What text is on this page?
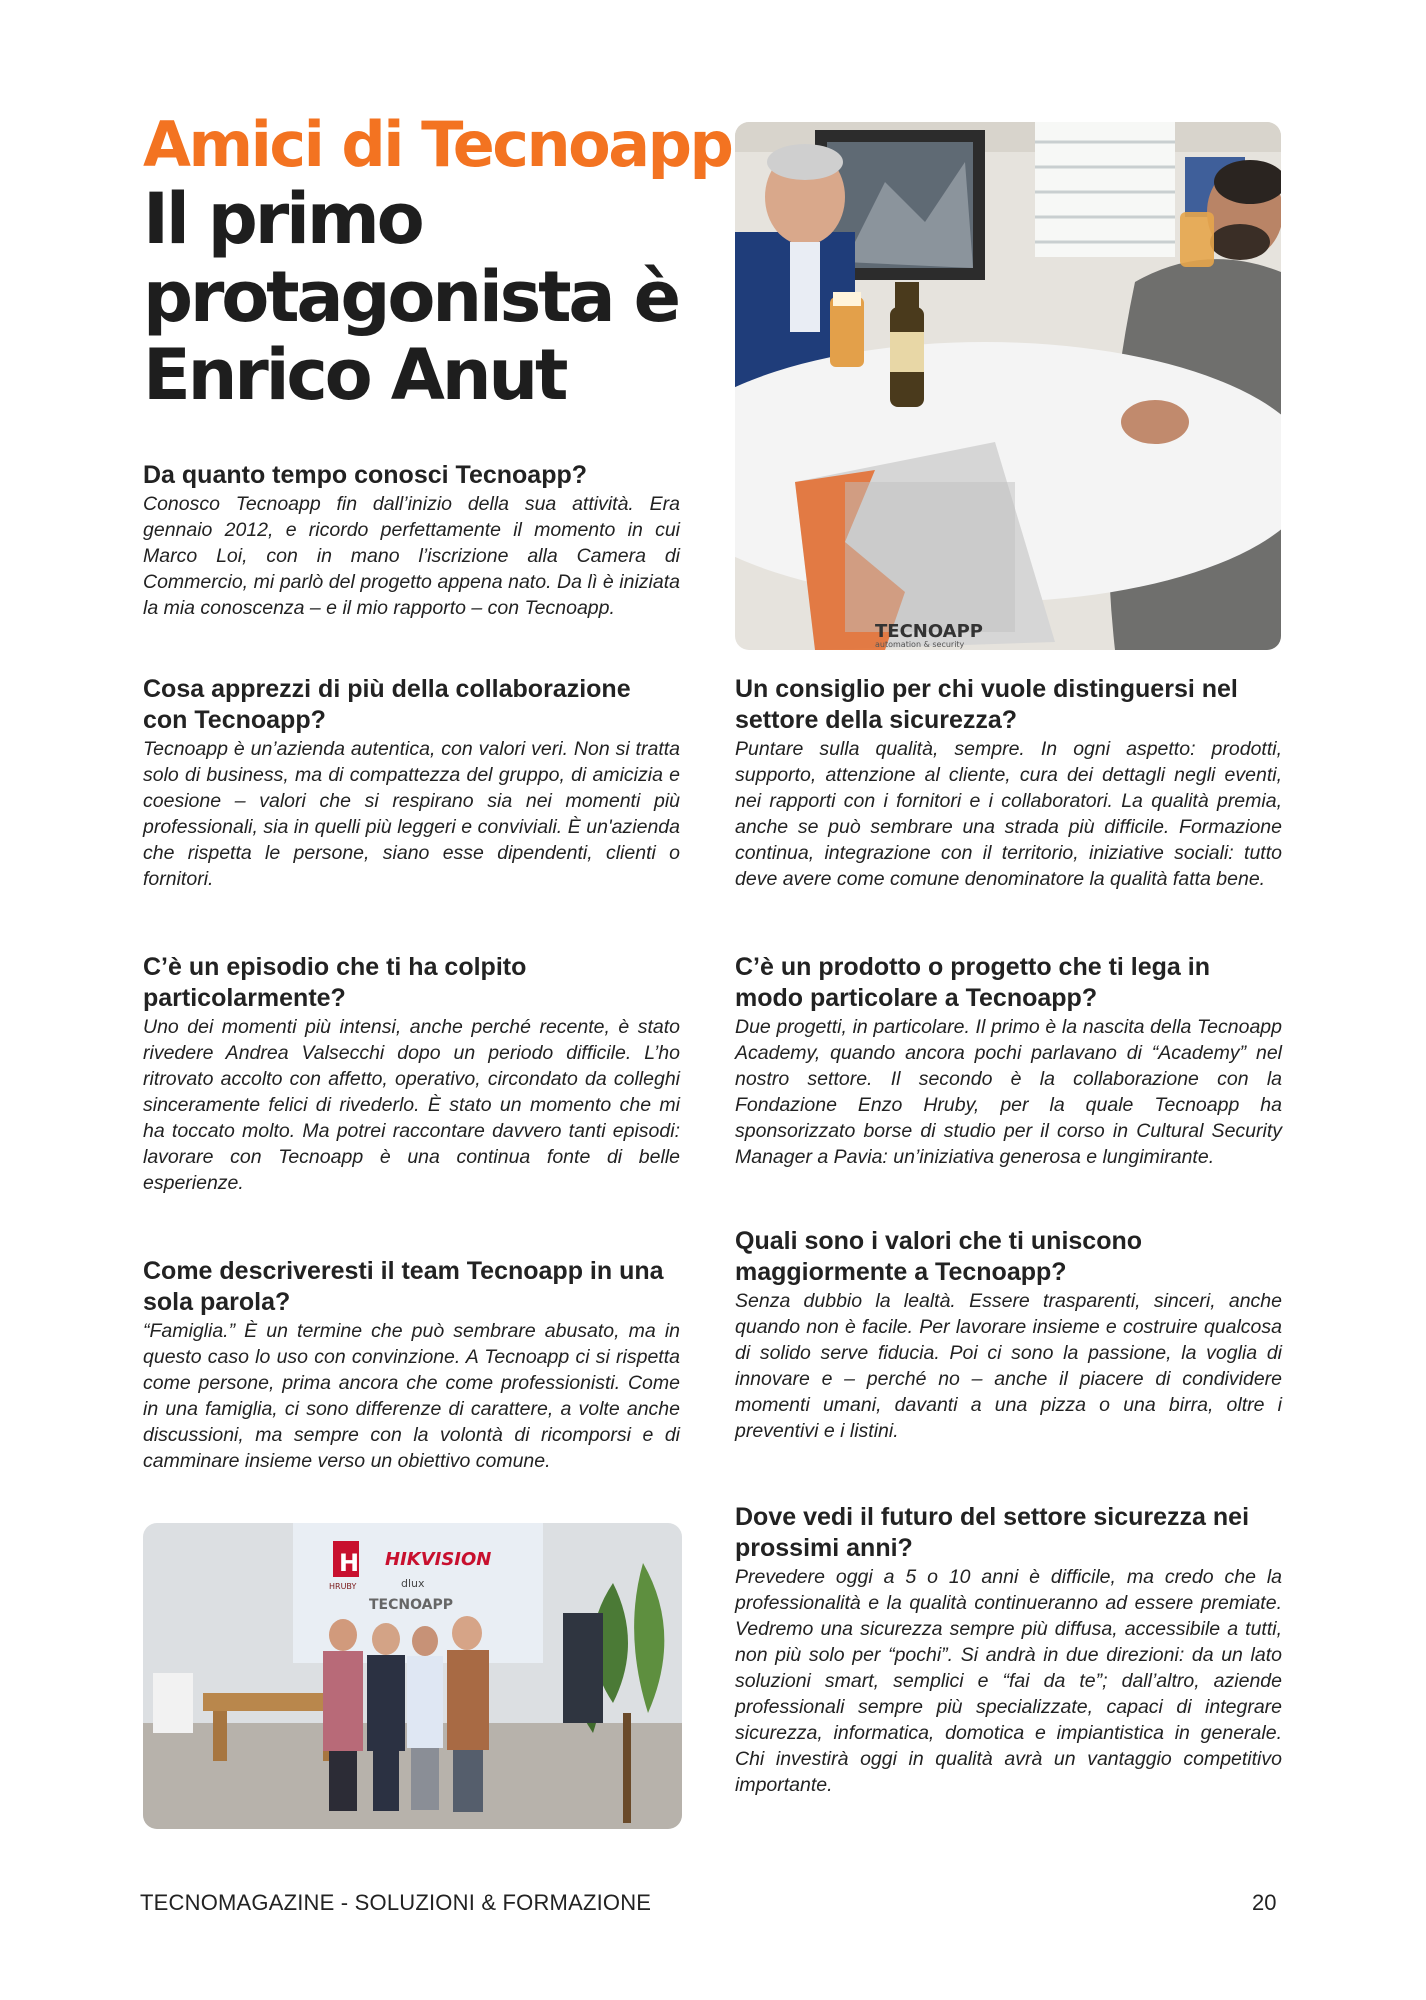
Amici di Tecnoapp
Il primo protagonista è Enrico Anut

Da quanto tempo conosci Tecnoapp?

Conosco Tecnoapp fin dall’inizio della sua attività. Era gennaio 2012, e ricordo perfettamente il momento in cui Marco Loi, con in mano l’iscrizione alla Camera di Commercio, mi parlò del progetto appena nato. Da lì è iniziata la mia conoscenza – e il mio rapporto – con Tecnoapp.

Cosa apprezzi di più della collaborazione con Tecnoapp?

Tecnoapp è un’azienda autentica, con valori veri. Non si tratta solo di business, ma di compattezza del gruppo, di amicizia e coesione – valori che si respirano sia nei momenti più professionali, sia in quelli più leggeri e conviviali. È un'azienda che rispetta le persone, siano esse dipendenti, clienti o fornitori.

C’è un episodio che ti ha colpito particolarmente?

Uno dei momenti più intensi, anche perché recente, è stato rivedere Andrea Valsecchi dopo un periodo difficile. L’ho ritrovato accolto con affetto, operativo, circondato da colleghi sinceramente felici di rivederlo. È stato un momento che mi ha toccato molto. Ma potrei raccontare davvero tanti episodi: lavorare con Tecnoapp è una continua fonte di belle esperienze.

Come descriveresti il team Tecnoapp in una sola parola?

“Famiglia.” È un termine che può sembrare abusato, ma in questo caso lo uso con convinzione. A Tecnoapp ci si rispetta come persone, prima ancora che come professionisti. Come in una famiglia, ci sono differenze di carattere, a volte anche discussioni, ma sempre con la volontà di ricomporsi e di camminare insieme verso un obiettivo comune.

Un consiglio per chi vuole distinguersi nel settore della sicurezza?

Puntare sulla qualità, sempre. In ogni aspetto: prodotti, supporto, attenzione al cliente, cura dei dettagli negli eventi, nei rapporti con i fornitori e i collaboratori. La qualità premia, anche se può sembrare una strada più difficile. Formazione continua, integrazione con il territorio, iniziative sociali: tutto deve avere come comune denominatore la qualità fatta bene.

C’è un prodotto o progetto che ti lega in modo particolare a Tecnoapp?

Due progetti, in particolare. Il primo è la nascita della Tecnoapp Academy, quando ancora pochi parlavano di “Academy” nel nostro settore. Il secondo è la collaborazione con la Fondazione Enzo Hruby, per la quale Tecnoapp ha sponsorizzato borse di studio per il corso in Cultural Security Manager a Pavia: un’iniziativa generosa e lungimirante.

Quali sono i valori che ti uniscono maggiormente a Tecnoapp?

Senza dubbio la lealtà. Essere trasparenti, sinceri, anche quando non è facile. Per lavorare insieme e costruire qualcosa di solido serve fiducia. Poi ci sono la passione, la voglia di innovare e – perché no – anche il piacere di condividere momenti umani, davanti a una pizza o una birra, oltre i preventivi e i listini.

Dove vedi il futuro del settore sicurezza nei prossimi anni?

Prevedere oggi a 5 o 10 anni è difficile, ma credo che la professionalità e la qualità continueranno ad essere premiate. Vedremo una sicurezza sempre più diffusa, accessibile a tutti, non più solo per “pochi”. Si andrà in due direzioni: da un lato soluzioni smart, semplici e “fai da te”; dall’altro, aziende professionali sempre più specializzate, capaci di integrare sicurezza, informatica, domotica e impiantistica in generale. Chi investirà oggi in qualità avrà un vantaggio competitivo importante.

TECNOAPP
automation & security
H
HRUBY
HIKVISION
dlux
TECNOAPP
TECNOMAGAZINE - SOLUZIONI & FORMAZIONE	20
